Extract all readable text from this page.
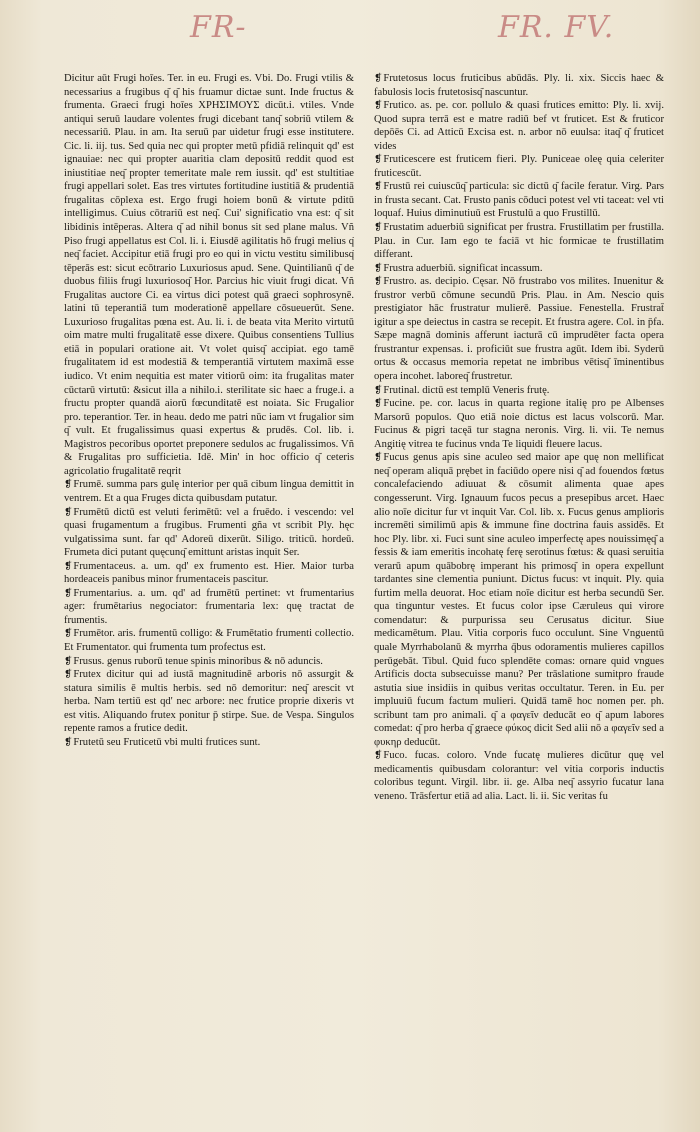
FR-	FR. FV.

Dicitur aūt Frugi hoīes. Ter. in eu. Frugi es. Vbi. Do. Frugi vtilis & necessarius a frugibus q͂ q͂ his fruamur dictae sunt. Inde fructus & frumenta. Graeci frugi hoīes ΧΡΗΣΙΜΟΥΣ dicūt.i. vtiles. Vnde antiqui seruū laudare volentes frugi dicebant tanq͂ sobriū vtilem & necessariū. Plau. in am. Ita seruū par uidetur frugi esse institutere. Cic. li. iij. tus. Sed quia nec qui propter metū pfidiā relinquit qd' est ignauiae: nec qui propter auaritia clam depositū reddit quod est iniustitiae neq͂ propter temeritate male rem iussit. qd' est stultitiae frugi appellari solet. Eas tres virtutes fortitudine iustitiā & prudentiā frugalitas cōplexa est. Ergo frugi hoiem bonū & virtute pditū intelligimus. Cuius cōtrariū est neq͂. Cui' significatio vna est: q͂ sit libidinis intēperas. Altera q͂ ad nihil bonus sit sed plane malus. Vñ Piso frugi appellatus est Col. li. i. Eiusdē agilitatis hō frugi melius q͂ neq͂ faciet. Accipitur etiā frugi pro eo qui in victu vestitu similibusq͂ tēperās est: sicut ecōtrario Luxuriosus apud. Sene. Quintilianū q͂ de duobus filiis frugi luxuriosoq͂ Hor. Parcius hic viuit frugi dicat. Vñ Frugalitas auctore Ci. ea virtus dici potest quā graeci sophrosynē. latini tū teperantiā tum moderationē appellare cōsueuerūt. Sene. Luxurioso frugalitas pœna est. Au. li. i. de beata vita Merito virtutū oim matre multi frugalitatē esse dixere. Quibus consentiens Tullius etiā in populari oratione ait. Vt volet quisq͂ accipiat. ego tamē frugalitatem id est modestiā & temperantiā virtutem maximā esse iudico. Vt enim nequitia est mater vitiorū oim: ita frugalitas mater cūctarū virtutū: &sicut illa a nihilo.i. sterilitate sic haec a fruge.i. a fructu propter quandā aiorū fœcunditatē est noiata. Sic Frugalior pro. teperantior. Ter. in heau. dedo me patri nūc iam vt frugalior sim q͂ vult. Et frugalissimus quasi expertus & prudēs. Col. lib. i. Magistros pecoribus oportet preponere sedulos ac frugalissimos. Vñ & Frugalitas pro sufficietia. Idē. Min' in hoc officio q͂ ceteris agricolatio frugalitatē reqrit

❡Frumē. summa pars gulę interior per quā cibum lingua demittit in ventrem. Et a qua Fruges dicta quibusdam putatur.

❡Frumētū dictū est veluti ferimētū: vel a fruēdo. i vescendo: vel quasi frugamentum a frugibus. Frumenti gña vt scribit Ply. hęc vulgatissima sunt. far qd' Adoreū dixerūt. Siligo. triticū. hordeū. Frumeta dici putant quęcunq͂ emittunt aristas inquit Ser.

❡Frumentaceus. a. um. qd' ex frumento est. Hier. Maior turba hordeaceis panibus minor frumentaceis pascitur.

❡Frumentarius. a. um. qd' ad frumētū pertinet: vt frumentarius ager: frumētarius negociator: frumentaria lex: quę tractat de frumentis.

❡Frumētor. aris. frumentū colligo: & Frumētatio frumenti collectio. Et Frumentator. qui frumenta tum profectus est.

❡Frusus. genus ruborū tenue spinis minoribus & nō aduncis.

❡Frutex dicitur qui ad iustā magnitudinē arboris nō assurgit & statura similis ē multis herbis. sed nō demoritur: neq͂ arescit vt herba. Nam tertiū est qd' nec arbore: nec frutice proprie dixeris vt est vitis. Aliquando frutex ponitur p̄ stirpe. Sue. de Vespa. Singulos repente ramos a frutice dedit.

❡Frutetū seu Fruticetū vbi multi frutices sunt.

❡Frutetosus locus fruticibus abūdās. Ply. li. xix. Siccis haec & fabulosis locis frutetosisq͂ nascuntur.

❡Frutico. as. pe. cor. pollulo & quasi frutices emitto: Ply. li. xvij. Quod supra terrā est e matre radiū bef vt fruticet. Est & fruticor depōēs Ci. ad Atticū Excisa est. n. arbor nō euulsa: itaq͂ q͂ fruticet vides

❡Fruticescere est fruticem fieri. Ply. Puniceae oleę quia celeriter fruticescūt.

❡Frustū rei cuiuscūq͂ particula: sic dictū q͂ facile feratur. Virg. Pars in frusta secant. Cat. Frusto panis cōduci potest vel vti taceat: vel vti loquaf. Huius diminutiuū est Frustulū a quo Frustillū.

❡Frustatim aduerbiū significat per frustra. Frustillatim per frustilla. Plau. in Cur. Iam ego te faciā vt hic formicae te frustillatim differant.

❡Frustra aduerbiū. significat incassum.

❡Frustro. as. decipio. Cęsar. Nō frustrabo vos milites. Inuenitur & frustror verbū cōmune secundū Pris. Plau. in Am. Nescio quis prestigiator hāc frustratur mulierē. Passiue. Fenestella. Frustrat̄ igitur a spe deiectus in castra se recepit. Et frustra agere. Col. in p̄fa. Sæpe magnā dominis afferunt iacturā cū imprudēter facta opera frustrantur expensas. i. proficiūt sue frustra agūt. Idem ibi. Syderū ortus & occasus memoria repetat ne imbribus vētisq͂ īminentibus opera incohet. laboreq͂ frustretur.

❡Frutinal. dictū est templū Veneris frutę.

❡Fucine. pe. cor. lacus in quarta regione italię pro pe Albenses Marsorū populos. Quo etiā noie dictus est lacus volscorū. Mar. Fucinus & pigri tacęā tur stagna neronis. Virg. li. vii. Te nemus Angitię vitrea te fucinus vnda Te liquidi fleuere lacus.

❡Fucus genus apis sine aculeo sed maior ape quę non mellificat neq͂ operam aliquā prębet in faciūdo opere nisi q͂ ad fouendos fœtus concalefaciendo adiuuat & cōsumit alimenta quae apes congesserunt. Virg. Ignauum fucos pecus a presepibus arcet. Haec alio noīe dicitur fur vt inquit Var. Col. lib. x. Fucus genus amplioris incremēti similimū apis & immune fine doctrina fauis assidēs. Et hoc Ply. libr. xi. Fuci sunt sine aculeo imperfectę apes nouissimęq͂ a fessis & iam emeritis incohatę ferę serotinus fœtus: & quasi seruitia verarū apum quābobrę imperant his primosq͂ in opera expellunt tardantes sine clementia puniunt. Dictus fucus: vt inquit. Ply. quia furtim mella deuorat. Hoc etiam noīe dicitur est herba secundū Ser. qua tinguntur vestes. Et fucus color ipse Cæruleus qui virore comendatur: & purpurissa seu Cerusatus dicitur. Siue medicamētum. Plau. Vitia corporis fuco occulunt. Sine Vnguentū quale Myrrhabolanū & myrrha q̄bus odoramentis mulieres capillos perūgebāt. Tibul. Quid fuco splendēte comas: ornare quid vngues Artificis docta subsecuisse manu? Per trāslatione sumitpro fraude astutia siue insidiis in quibus veritas occultatur. Teren. in Eu. per impluuiū fucum factum mulieri. Quidā tamē hoc nomen per. ph. scribunt tam pro animali. q͂ a φαγεῖν deducāt eo q͂ apum labores comedat: q͂ pro herba q͂ graece φύκος dicit Sed alii nō a φαγεῖν sed a φυκηρ deducūt.

❡Fuco. fucas. coloro. Vnde fucatę mulieres dicūtur quę vel medicamentis quibusdam colorantur: vel vitia corporis inductis coloribus tegunt. Virgil. libr. ii. ge. Alba neq͂ assyrio fucatur lana veneno. Trāsfertur etiā ad alia. Lact. li. ii. Sic veritas fu
